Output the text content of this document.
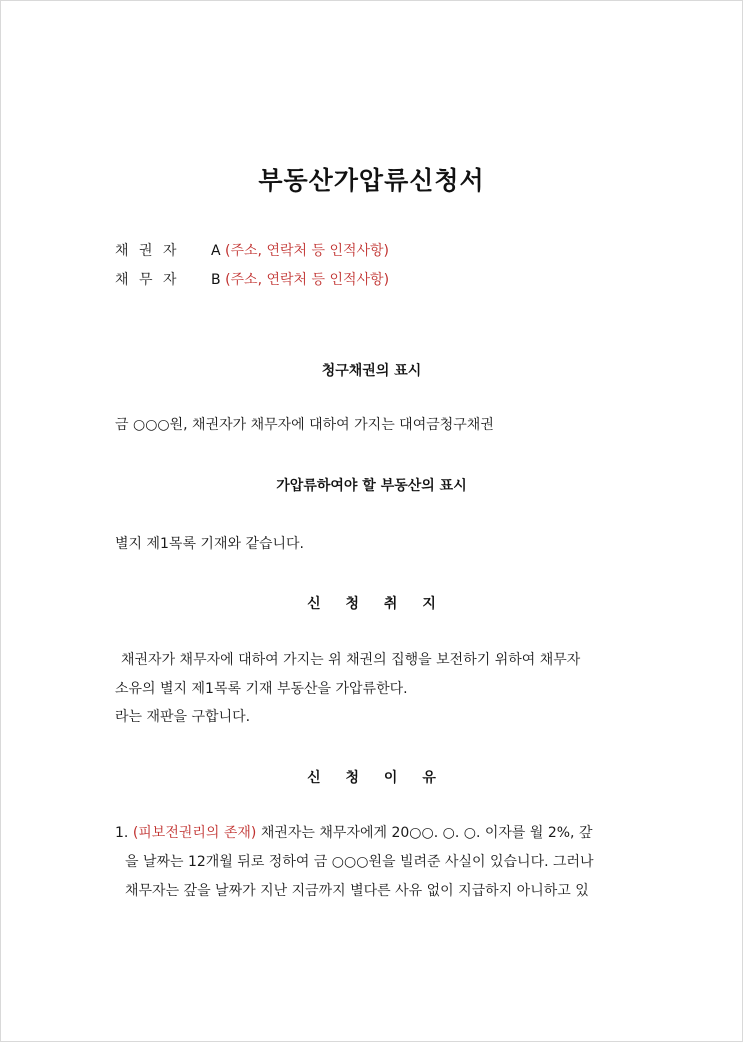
부동산가압류신청서
채 권 자 A (주소, 연락처 등 인적사항)
채 무 자 B (주소, 연락처 등 인적사항)
청구채권의 표시
금 ○○○원, 채권자가 채무자에 대하여 가지는 대여금청구채권
가압류하여야 할 부동산의 표시
별지 제1목록 기재와 같습니다.
신 청 취 지
채권자가 채무자에 대하여 가지는 위 채권의 집행을 보전하기 위하여 채무자
소유의 별지 제1목록 기재 부동산을 가압류한다.
라는 재판을 구합니다.
신 청 이 유
1. (피보전권리의 존재) 채권자는 채무자에게 20○○. ○. ○. 이자를 월 2%, 갚
을 날짜는 12개월 뒤로 정하여 금 ○○○원을 빌려준 사실이 있습니다. 그러나
채무자는 갚을 날짜가 지난 지금까지 별다른 사유 없이 지급하지 아니하고 있
